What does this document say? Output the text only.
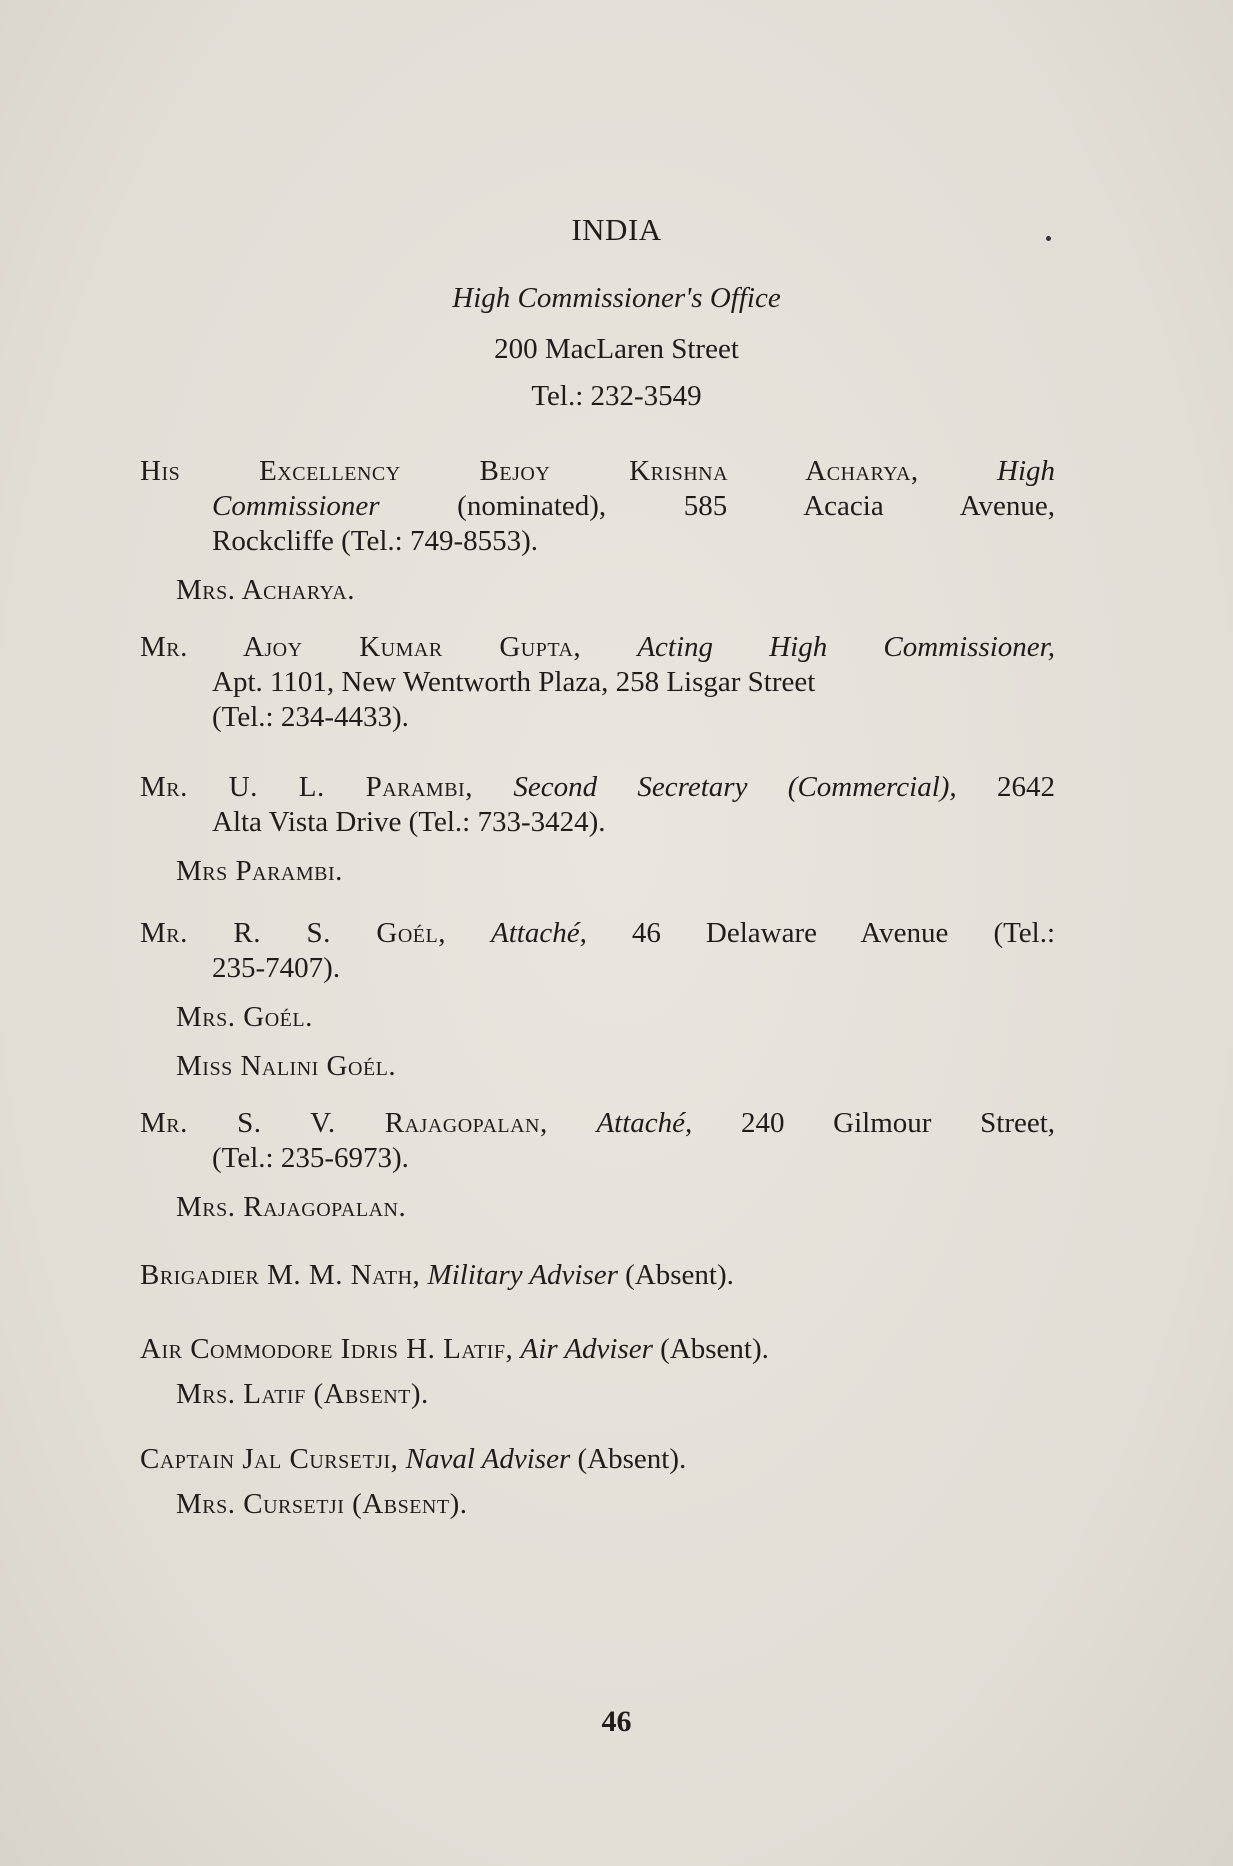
INDIA
High Commissioner's Office
200 MacLaren Street
Tel.: 232-3549
His Excellency Bejoy Krishna Acharya,	High
Commissioner	(nominated), 585 Acacia Avenue,
Rockcliffe (Tel.: 749-8553).
Mrs. Acharya.
Mr. Ajoy Kumar Gupta, Acting High Commissioner,
Apt. 1101, New Wentworth Plaza, 258 Lisgar Street
(Tel.: 234-4433).
Mr. U. L. Parambi, Second Secretary (Commercial), 2642
Alta Vista Drive (Tel.: 733-3424).
Mrs Parambi.
Mr. R. S. Goél, Attaché, 46 Delaware Avenue (Tel.:
235-7407).
Mrs. Goél.
Miss Nalini Goél.
Mr. S. V. Rajagopalan, Attaché, 240 Gilmour Street,
(Tel.: 235-6973).
Mrs. Rajagopalan.
Brigadier M. M. Nath, Military Adviser (Absent).
Air Commodore Idris H. Latif, Air Adviser (Absent).
Mrs. Latif (Absent).
Captain Jal Cursetji, Naval Adviser (Absent).
Mrs. Cursetji (Absent).
46
